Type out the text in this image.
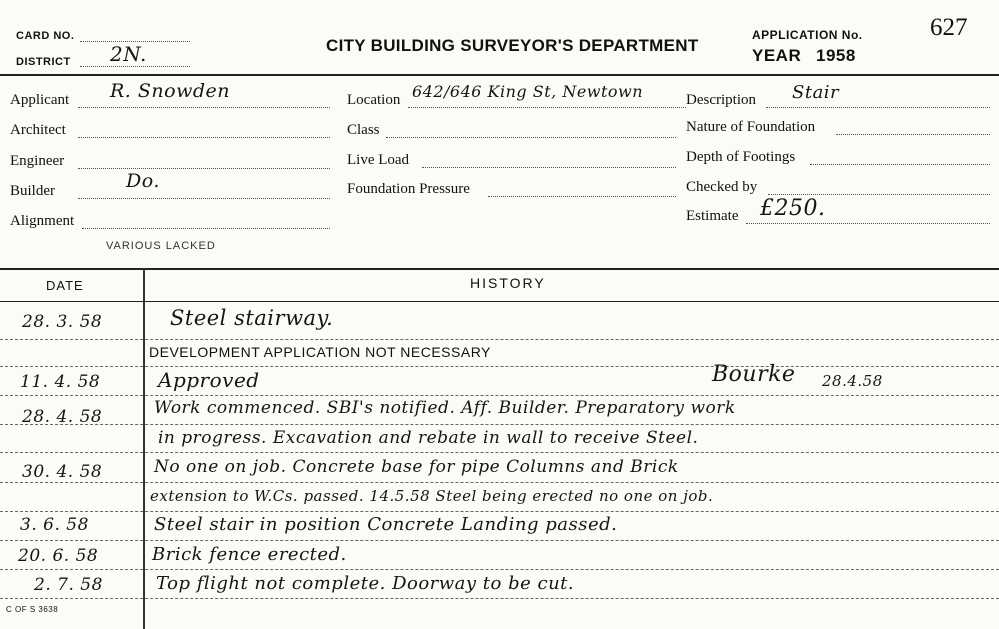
CARD NO.
DISTRICT 2N.	CITY BUILDING SURVEYOR'S DEPARTMENT
APPLICATION No.	627
YEAR 1958
Applicant R. Snowden
Architect
Engineer
Builder	Do.
Alignment
VARIOUS LACKED
Location 642/646 King St, Newtown
Class
Live Load
Foundation Pressure
Description Stair
Nature of Foundation
Depth of Footings
Checked by
Estimate £250.
DATE	HISTORY
28. 3. 58	Steel stairway.
DEVELOPMENT APPLICATION NOT NECESSARY
11. 4. 58	Approved	Bourke 28.4.58
28. 4. 58	Work commenced. SBI's notified. Aff. Builder. Preparatory work
in progress. Excavation and rebate in wall to receive Steel.
30. 4. 58	No one on job. Concrete base for pipe Columns and Brick
extension to W.Cs. passed. 14.5.58 Steel being erected no one on job.
3. 6. 58	Steel stair in position Concrete Landing passed.
20. 6. 58	Brick fence erected.
2. 7. 58	Top flight not complete. Doorway to be cut.
C OF S 3638
